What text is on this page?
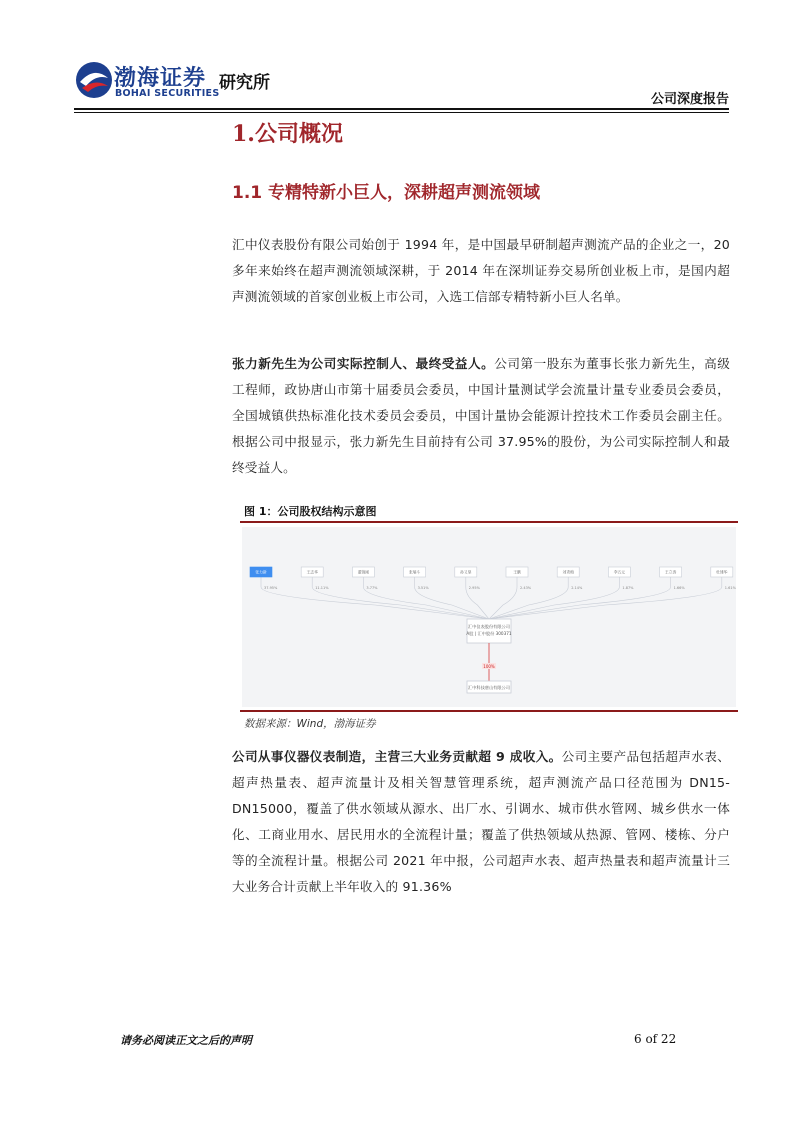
渤海证券
BOHAI SECURITIES
研究所
公司深度报告
1.公司概况
1.1 专精特新小巨人，深耕超声测流领域
汇中仪表股份有限公司始创于 1994 年，是中国最早研制超声测流产品的企业之一，20 多年来始终在超声测流领域深耕，于 2014 年在深圳证券交易所创业板上市，是国内超声测流领域的首家创业板上市公司，入选工信部专精特新小巨人名单。
张力新先生为公司实际控制人、最终受益人。公司第一股东为董事长张力新先生，高级工程师，政协唐山市第十届委员会委员，中国计量测试学会流量计量专业委员会委员，全国城镇供热标准化技术委员会委员，中国计量协会能源计控技术工作委员会副主任。根据公司中报显示，张力新先生目前持有公司 37.95%的股份，为公司实际控制人和最终受益人。
图 1：公司股权结构示意图
张力新
37.95%
王志华
11.11%
董锦刚
3.77%
张瑞斗
3.51%
孙又坚
2.95%
王鹏
2.43%
刘秀梅
2.14%
李五元
1.87%
王立涛
1.66%
杜建华
1.61%
汇中仪表股份有限公司
A股 | 汇中股份 300371
100%
汇中科技唐山有限公司
数据来源：Wind，渤海证券
公司从事仪器仪表制造，主营三大业务贡献超 9 成收入。公司主要产品包括超声水表、超声热量表、超声流量计及相关智慧管理系统，超声测流产品口径范围为 DN15-DN15000，覆盖了供水领域从源水、出厂水、引调水、城市供水管网、城乡供水一体化、工商业用水、居民用水的全流程计量；覆盖了供热领域从热源、管网、楼栋、分户等的全流程计量。根据公司 2021 年中报，公司超声水表、超声热量表和超声流量计三大业务合计贡献上半年收入的 91.36%
请务必阅读正文之后的声明	6 of 22
